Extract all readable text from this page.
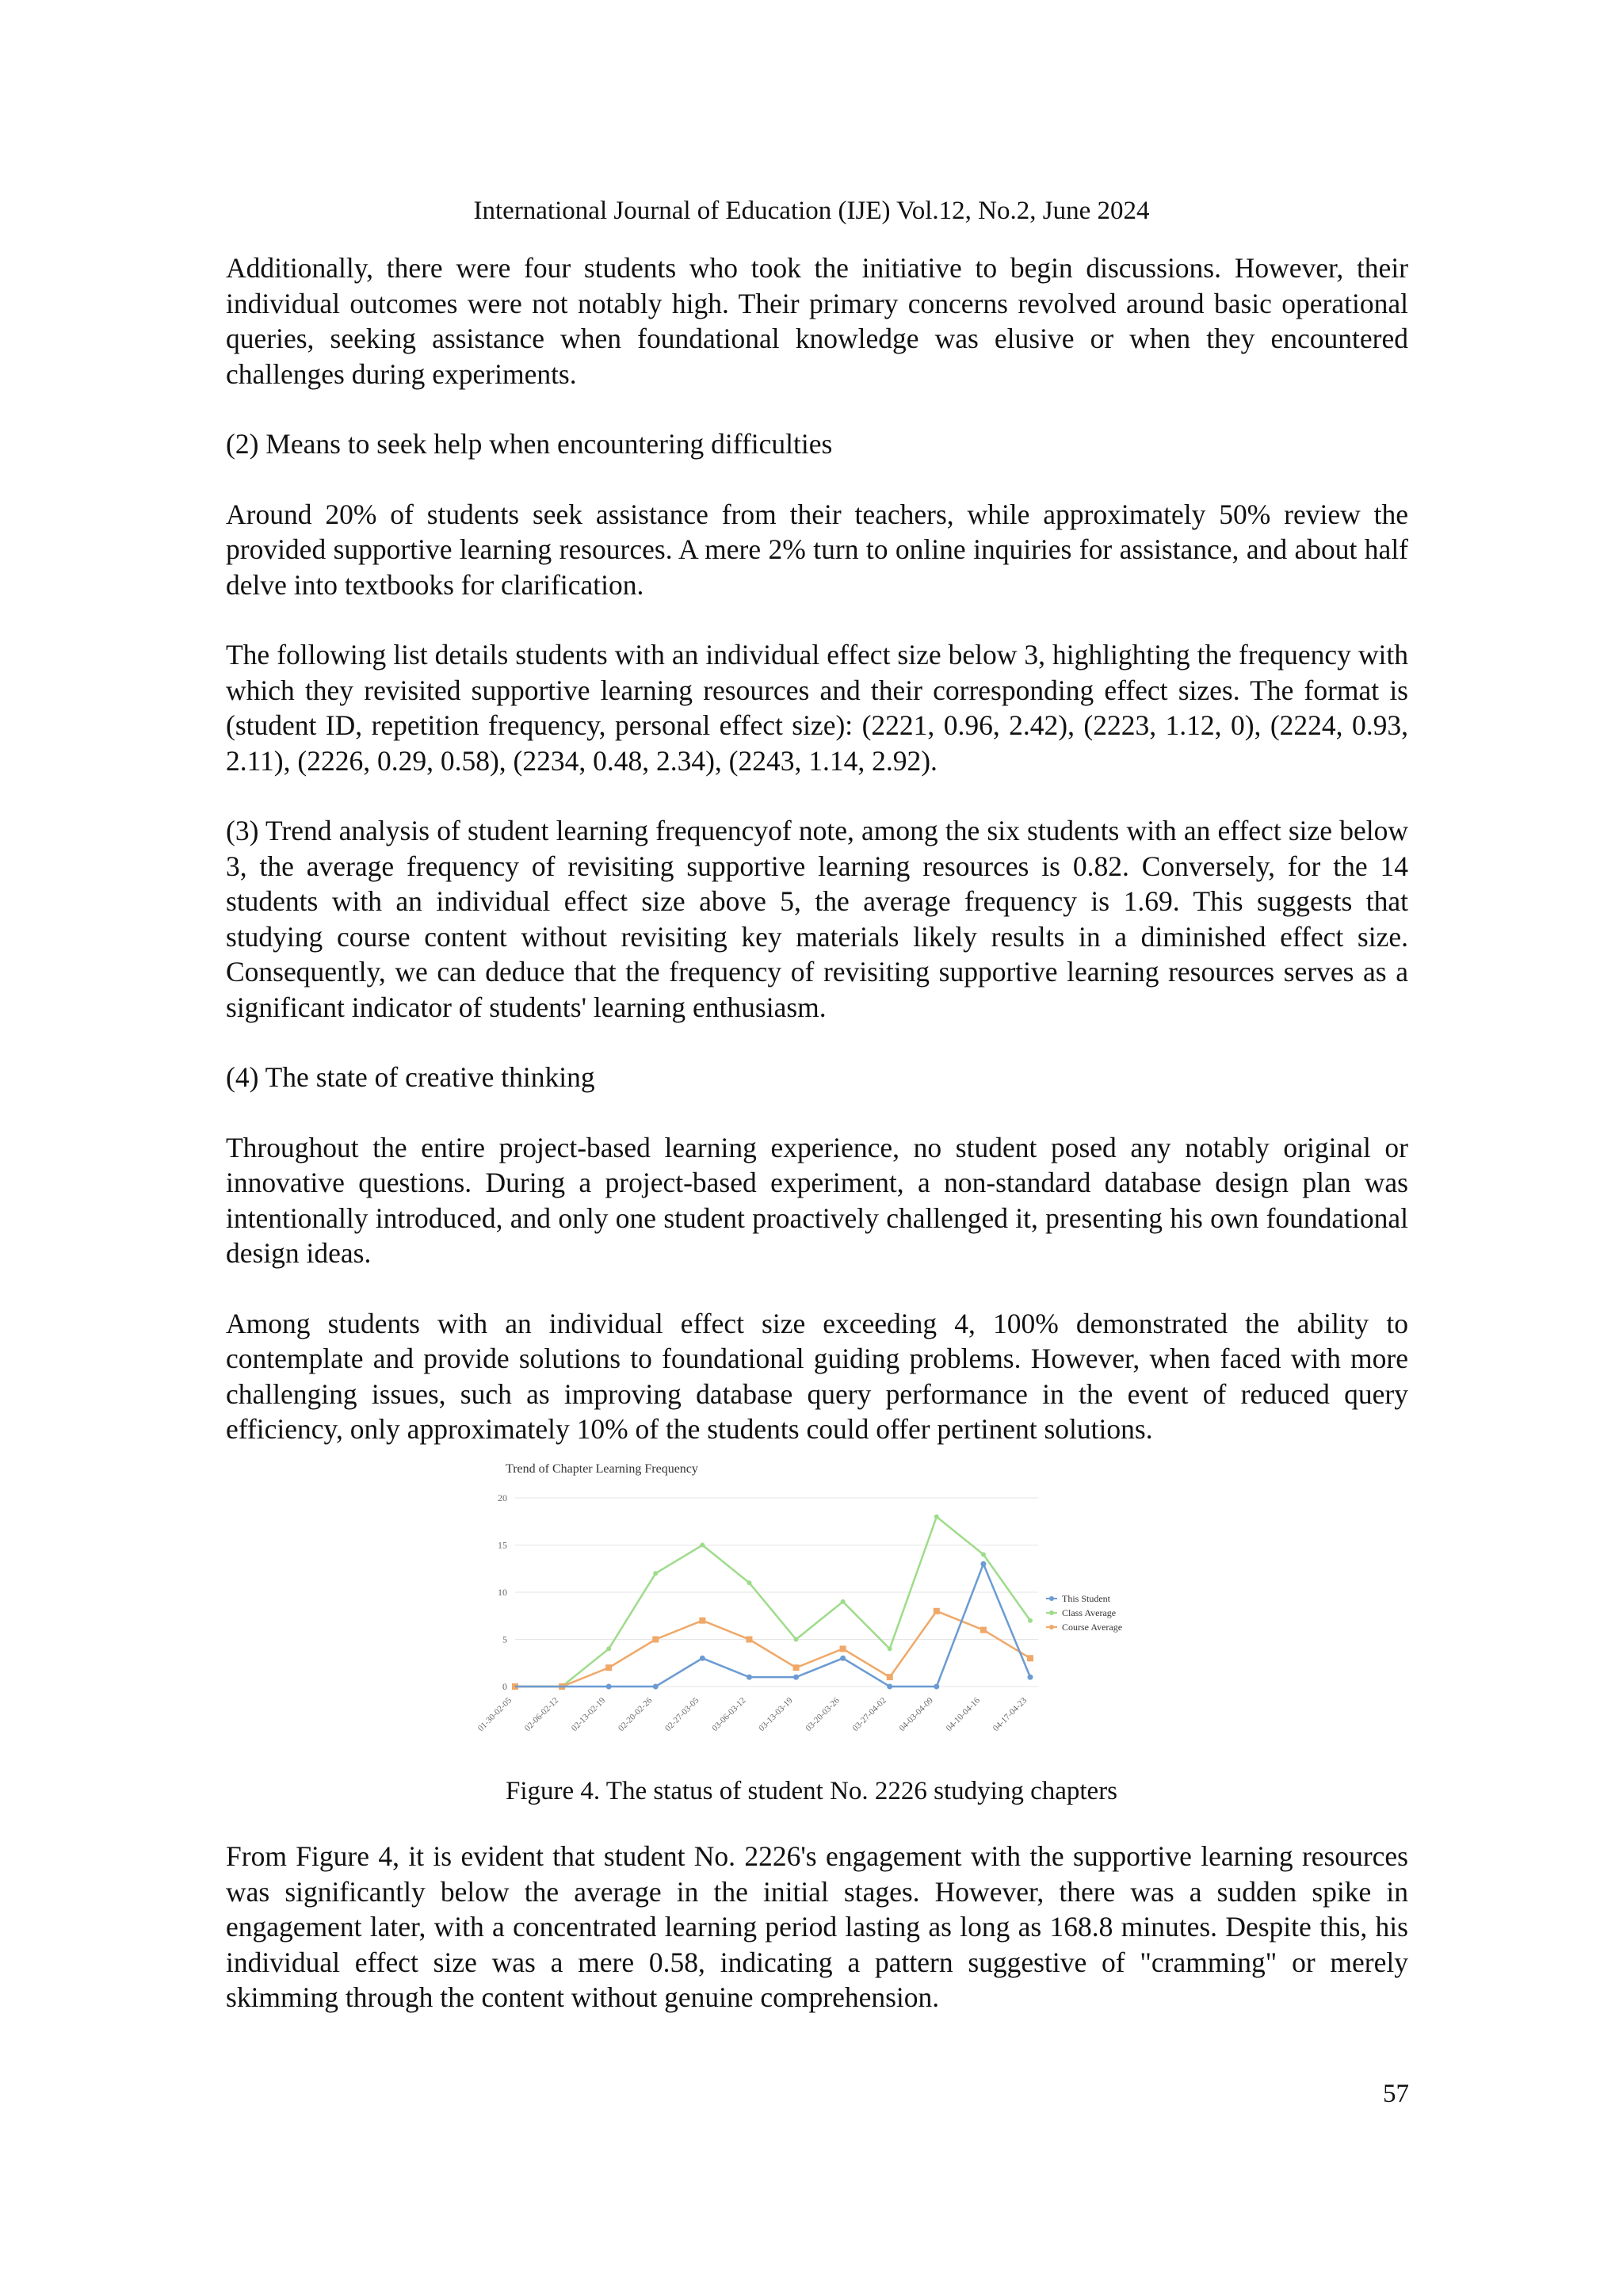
International Journal of Education (IJE) Vol.12, No.2, June 2024

Additionally, there were four students who took the initiative to begin discussions. However, their individual outcomes were not notably high. Their primary concerns revolved around basic operational queries, seeking assistance when foundational knowledge was elusive or when they encountered challenges during experiments.

(2) Means to seek help when encountering difficulties

Around 20% of students seek assistance from their teachers, while approximately 50% review the provided supportive learning resources. A mere 2% turn to online inquiries for assistance, and about half delve into textbooks for clarification.

The following list details students with an individual effect size below 3, highlighting the frequency with which they revisited supportive learning resources and their corresponding effect sizes. The format is (student ID, repetition frequency, personal effect size): (2221, 0.96, 2.42), (2223, 1.12, 0), (2224, 0.93, 2.11), (2226, 0.29, 0.58), (2234, 0.48, 2.34), (2243, 1.14, 2.92).

(3) Trend analysis of student learning frequencyof note, among the six students with an effect size below 3, the average frequency of revisiting supportive learning resources is 0.82. Conversely, for the 14 students with an individual effect size above 5, the average frequency is 1.69. This suggests that studying course content without revisiting key materials likely results in a diminished effect size. Consequently, we can deduce that the frequency of revisiting supportive learning resources serves as a significant indicator of students' learning enthusiasm.

(4) The state of creative thinking

Throughout the entire project-based learning experience, no student posed any notably original or innovative questions. During a project-based experiment, a non-standard database design plan was intentionally introduced, and only one student proactively challenged it, presenting his own foundational design ideas.

Among students with an individual effect size exceeding 4, 100% demonstrated the ability to contemplate and provide solutions to foundational guiding problems. However, when faced with more challenging issues, such as improving database query performance in the event of reduced query efficiency, only approximately 10% of the students could offer pertinent solutions.

Trend of Chapter Learning Frequency
0
5
10
15
20
01-30-02-05 02-06-02-12 02-13-02-19 02-20-02-26 02-27-03-05 03-06-03-12 03-13-03-19 03-20-03-26 03-27-04-02 04-03-04-09 04-10-04-16 04-17-04-23
This Student
Class Average
Course Average
Figure 4. The status of student No. 2226 studying chapters

From Figure 4, it is evident that student No. 2226's engagement with the supportive learning resources was significantly below the average in the initial stages. However, there was a sudden spike in engagement later, with a concentrated learning period lasting as long as 168.8 minutes. Despite this, his individual effect size was a mere 0.58, indicating a pattern suggestive of "cramming" or merely skimming through the content without genuine comprehension.

57
